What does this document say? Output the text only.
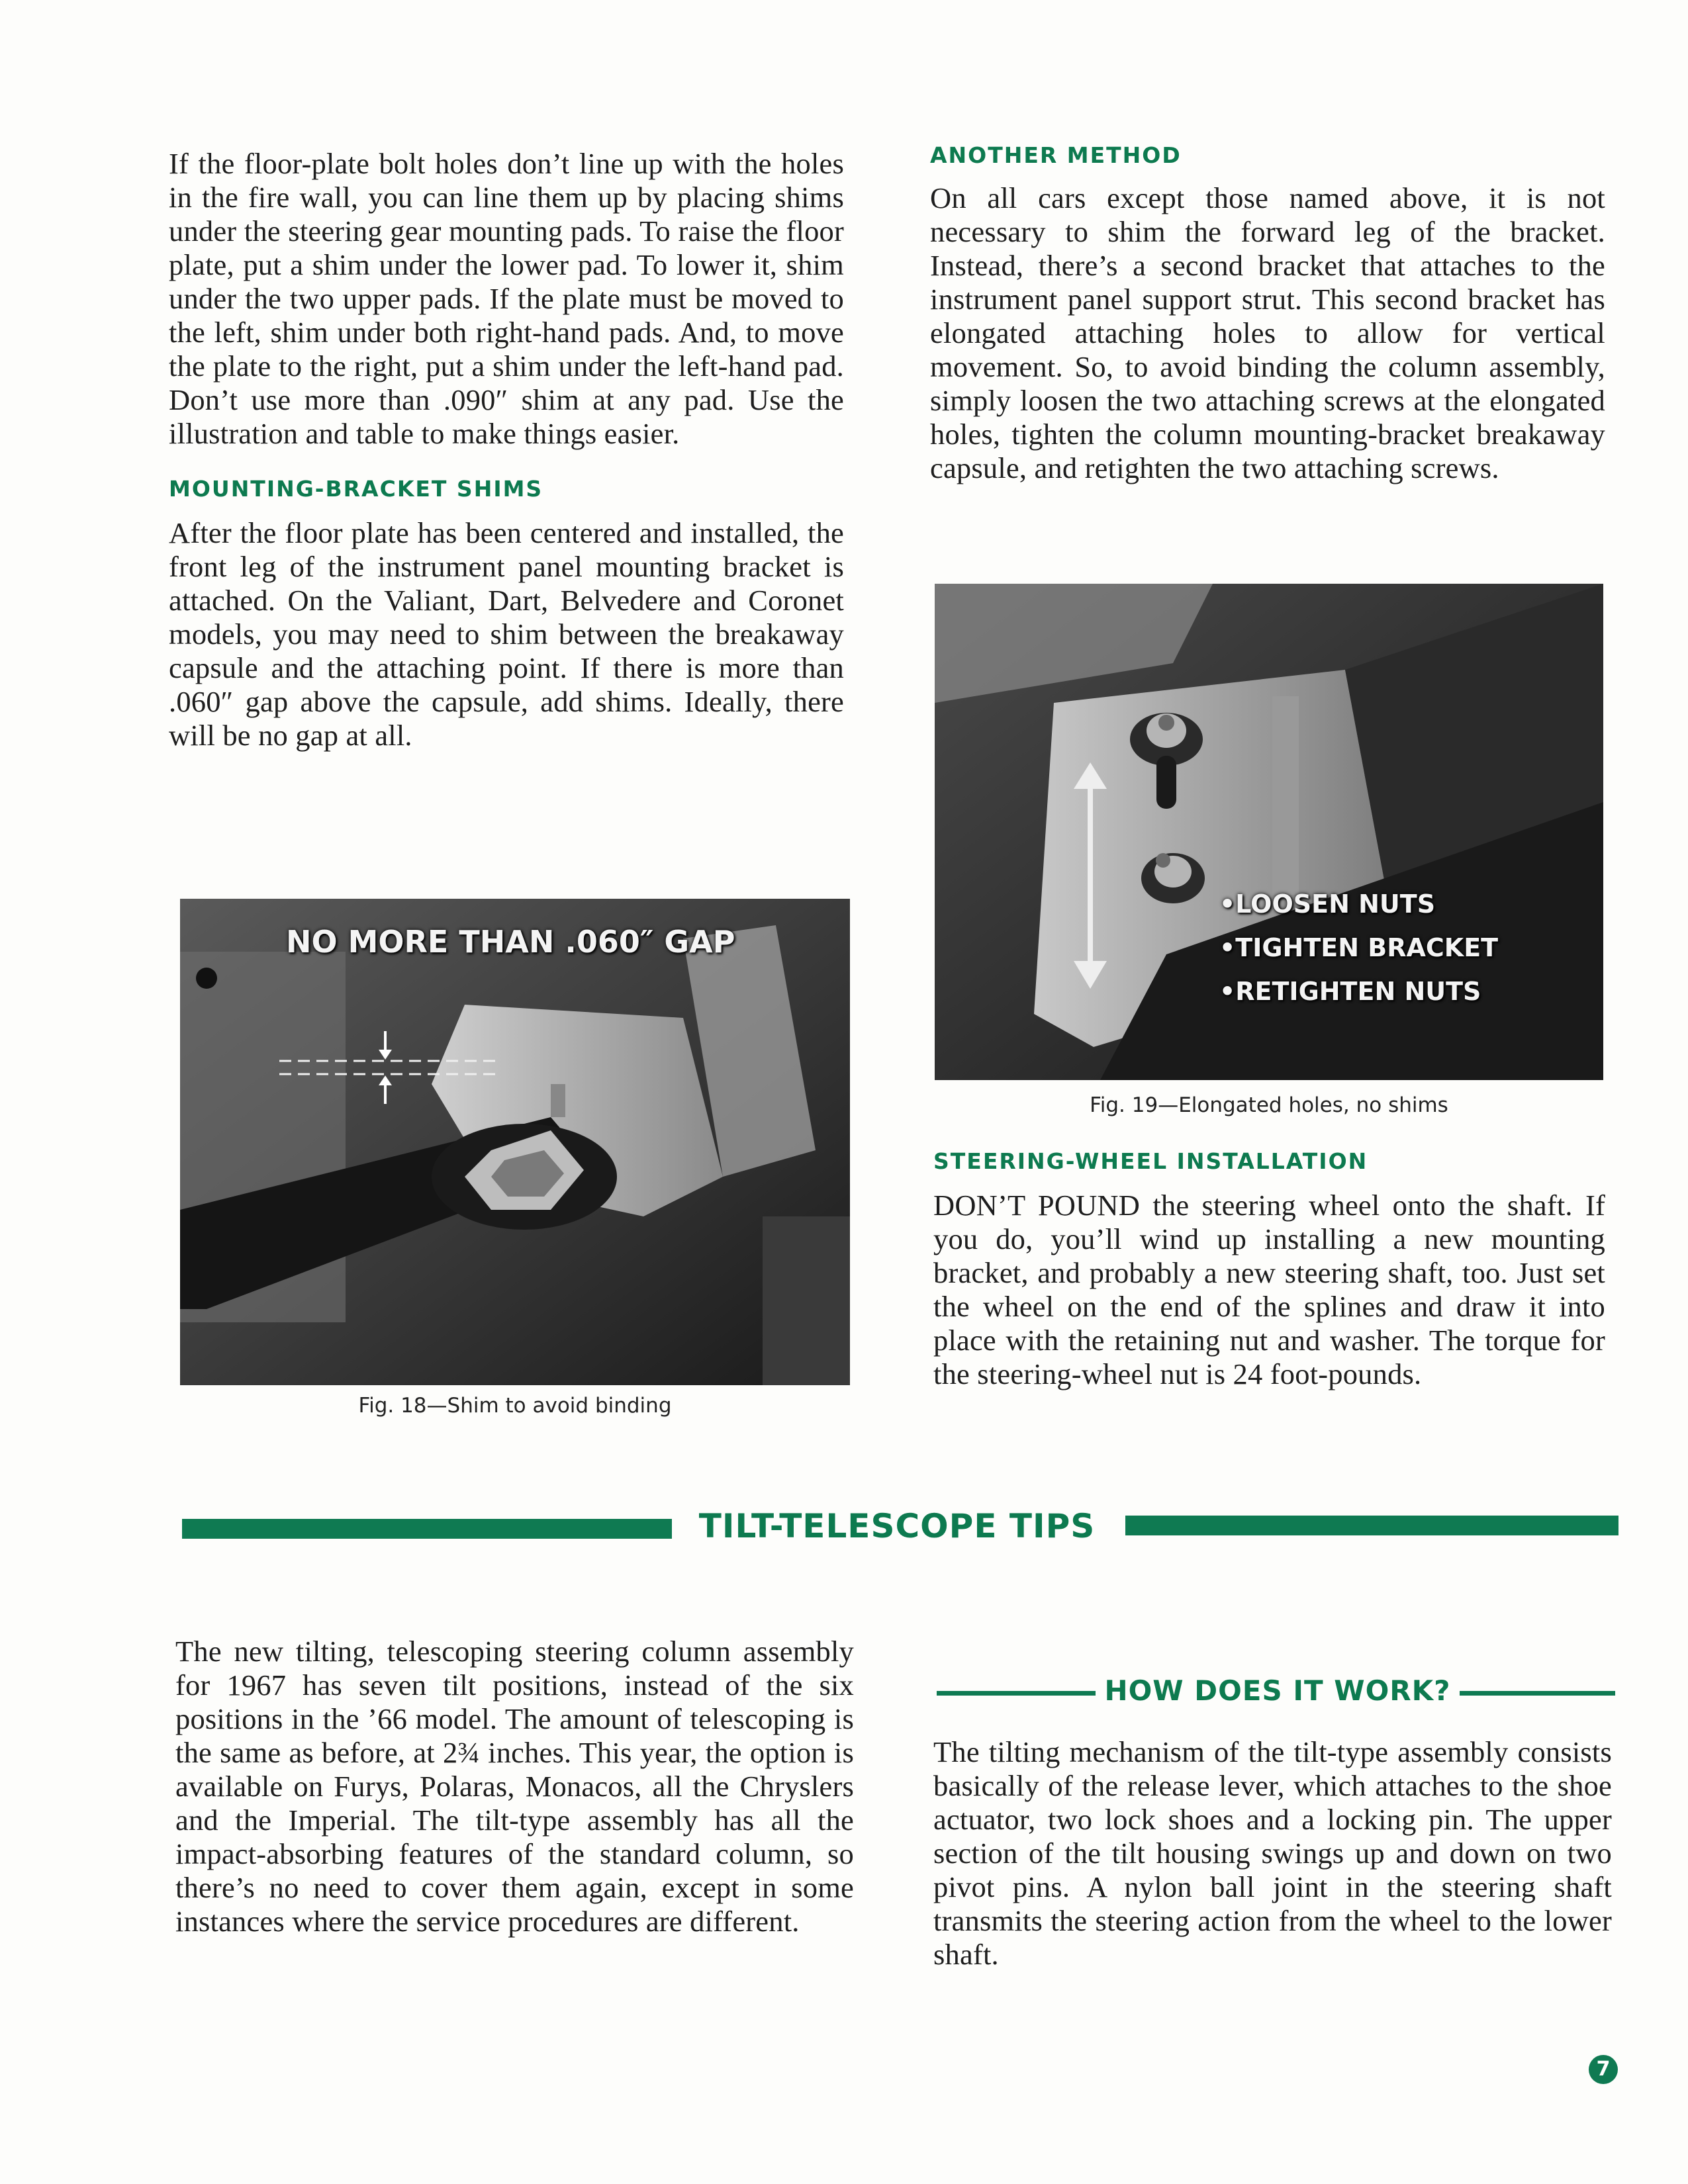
If the floor-plate bolt holes don’t line up with the holes in the fire wall, you can line them up by placing shims under the steering gear mounting pads. To raise the floor plate, put a shim under the lower pad. To lower it, shim under the two upper pads. If the plate must be moved to the left, shim under both right-hand pads. And, to move the plate to the right, put a shim under the left-hand pad. Don’t use more than .090″ shim at any pad. Use the illustration and table to make things easier.

MOUNTING-BRACKET SHIMS

After the floor plate has been centered and installed, the front leg of the instrument panel mounting bracket is attached. On the Valiant, Dart, Belvedere and Coronet models, you may need to shim between the breakaway capsule and the attaching point. If there is more than .060″ gap above the capsule, add shims. Ideally, there will be no gap at all.

NO MORE THAN .060″ GAP

Fig. 18—Shim to avoid binding

ANOTHER METHOD

On all cars except those named above, it is not necessary to shim the forward leg of the bracket. Instead, there’s a second bracket that attaches to the instrument panel support strut. This second bracket has elongated attaching holes to allow for vertical movement. So, to avoid binding the column assembly, simply loosen the two attaching screws at the elongated holes, tighten the column mounting-bracket breakaway capsule, and retighten the two attaching screws.

•LOOSEN NUTS
•TIGHTEN BRACKET
•RETIGHTEN NUTS

Fig. 19—Elongated holes, no shims

STEERING-WHEEL INSTALLATION

DON’T POUND the steering wheel onto the shaft. If you do, you’ll wind up installing a new mounting bracket, and probably a new steering shaft, too. Just set the wheel on the end of the splines and draw it into place with the retaining nut and washer. The torque for the steering-wheel nut is 24 foot-pounds.

TILT-TELESCOPE TIPS

The new tilting, telescoping steering column assembly for 1967 has seven tilt positions, instead of the six positions in the ’66 model. The amount of telescoping is the same as before, at 2¾ inches. This year, the option is available on Furys, Polaras, Monacos, all the Chryslers and the Imperial. The tilt-type assembly has all the impact-absorbing features of the standard column, so there’s no need to cover them again, except in some instances where the service procedures are different.

HOW DOES IT WORK?

The tilting mechanism of the tilt-type assembly consists basically of the release lever, which attaches to the shoe actuator, two lock shoes and a locking pin. The upper section of the tilt housing swings up and down on two pivot pins. A nylon ball joint in the steering shaft transmits the steering action from the wheel to the lower shaft.

7
